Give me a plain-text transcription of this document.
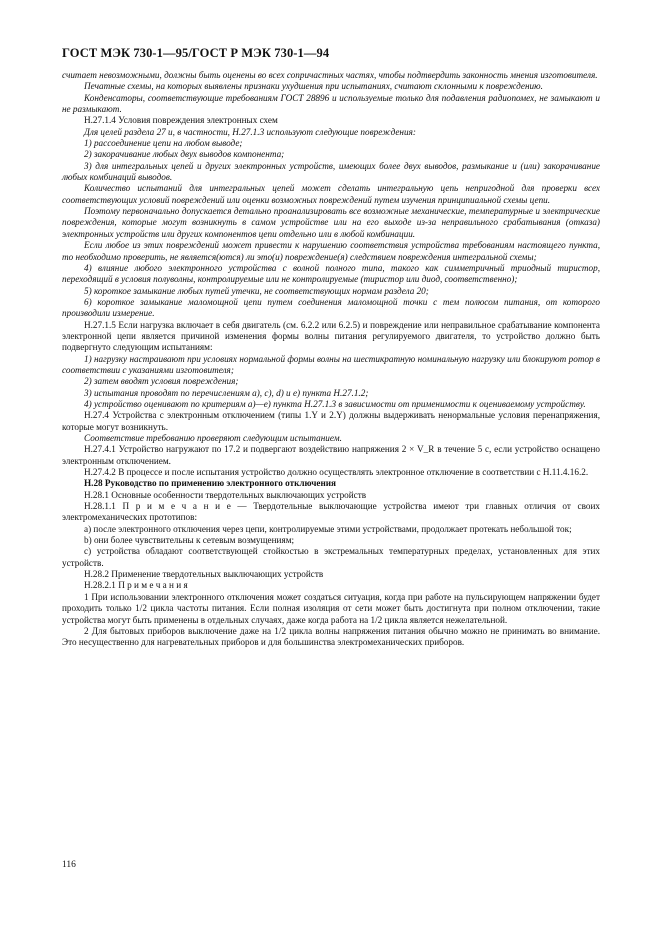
ГОСТ МЭК 730-1—95/ГОСТ Р МЭК 730-1—94

считает невозможными, должны быть оценены во всех сопричастных частях, чтобы подтвердить законность мнения изготовителя.

Печатные схемы, на которых выявлены признаки ухудшения при испытаниях, считают склонными к повреждению.

Конденсаторы, соответствующие требованиям ГОСТ 28896 и используемые только для подавления радиопомех, не замыкают и не размыкают.

Н.27.1.4 Условия повреждения электронных схем

Для целей раздела 27 и, в частности, Н.27.1.3 используют следующие повреждения:

1) рассоединение цепи на любом выводе;

2) закорачивание любых двух выводов компонента;

3) для интегральных цепей и других электронных устройств, имеющих более двух выводов, размыкание и (или) закорачивание любых комбинаций выводов.

Количество испытаний для интегральных цепей может сделать интегральную цепь непригодной для проверки всех соответствующих условий повреждений или оценки возможных повреждений путем изучения принципиальной схемы цепи.

Поэтому первоначально допускается детально проанализировать все возможные механические, температурные и электрические повреждения, которые могут возникнуть в самом устройстве или на его выходе из-за неправильного срабатывания (отказа) электронных устройств или других компонентов цепи отдельно или в любой комбинации.

Если любое из этих повреждений может привести к нарушению соответствия устройства требованиям настоящего пункта, то необходимо проверить, не является(ются) ли это(и) повреждение(я) следствием повреждения интегральной схемы;

4) влияние любого электронного устройства с волной полного типа, такого как симметричный триодный тиристор, переходящий в условия полуволны, контролируемые или не контролируемые (тиристор или диод, соответственно);

5) короткое замыкание любых путей утечки, не соответствующих нормам раздела 20;

6) короткое замыкание маломощной цепи путем соединения маломощной точки с тем полюсом питания, от которого производили измерение.

Н.27.1.5 Если нагрузка включает в себя двигатель (см. 6.2.2 или 6.2.5) и повреждение или неправильное срабатывание компонента электронной цепи является причиной изменения формы волны питания регулируемого двигателя, то устройство должно быть подвергнуто следующим испытаниям:

1) нагрузку настраивают при условиях нормальной формы волны на шестикратную номинальную нагрузку или блокируют ротор в соответствии с указаниями изготовителя;

2) затем вводят условия повреждения;

3) испытания проводят по перечислениям а), с), d) и е) пункта Н.27.1.2;

4) устройство оценивают по критериям а)—е) пункта Н.27.1.3 в зависимости от применимости к оцениваемому устройству.

Н.27.4 Устройства с электронным отключением (типы 1.Y и 2.Y) должны выдерживать ненормальные условия перенапряжения, которые могут возникнуть.

Соответствие требованию проверяют следующим испытанием.

Н.27.4.1 Устройство нагружают по 17.2 и подвергают воздействию напряжения 2 × V_R в течение 5 с, если устройство оснащено электронным отключением.

Н.27.4.2 В процессе и после испытания устройство должно осуществлять электронное отключение в соответствии с Н.11.4.16.2.

Н.28 Руководство по применению электронного отключения

Н.28.1 Основные особенности твердотельных выключающих устройств

Н.28.1.1 П р и м е ч а н и е — Твердотельные выключающие устройства имеют три главных отличия от своих электромеханических прототипов:

а) после электронного отключения через цепи, контролируемые этими устройствами, продолжает протекать небольшой ток;

b) они более чувствительны к сетевым возмущениям;

с) устройства обладают соответствующей стойкостью в экстремальных температурных пределах, установленных для этих устройств.

Н.28.2 Применение твердотельных выключающих устройств

Н.28.2.1 П р и м е ч а н и я

1 При использовании электронного отключения может создаться ситуация, когда при работе на пульсирующем напряжении будет проходить только 1/2 цикла частоты питания. Если полная изоляция от сети может быть достигнута при полном отключении, такие устройства могут быть применены в отдельных случаях, даже когда работа на 1/2 цикла является нежелательной.

2 Для бытовых приборов выключение даже на 1/2 цикла волны напряжения питания обычно можно не принимать во внимание. Это несущественно для нагревательных приборов и для большинства электромеханических приборов.

116
